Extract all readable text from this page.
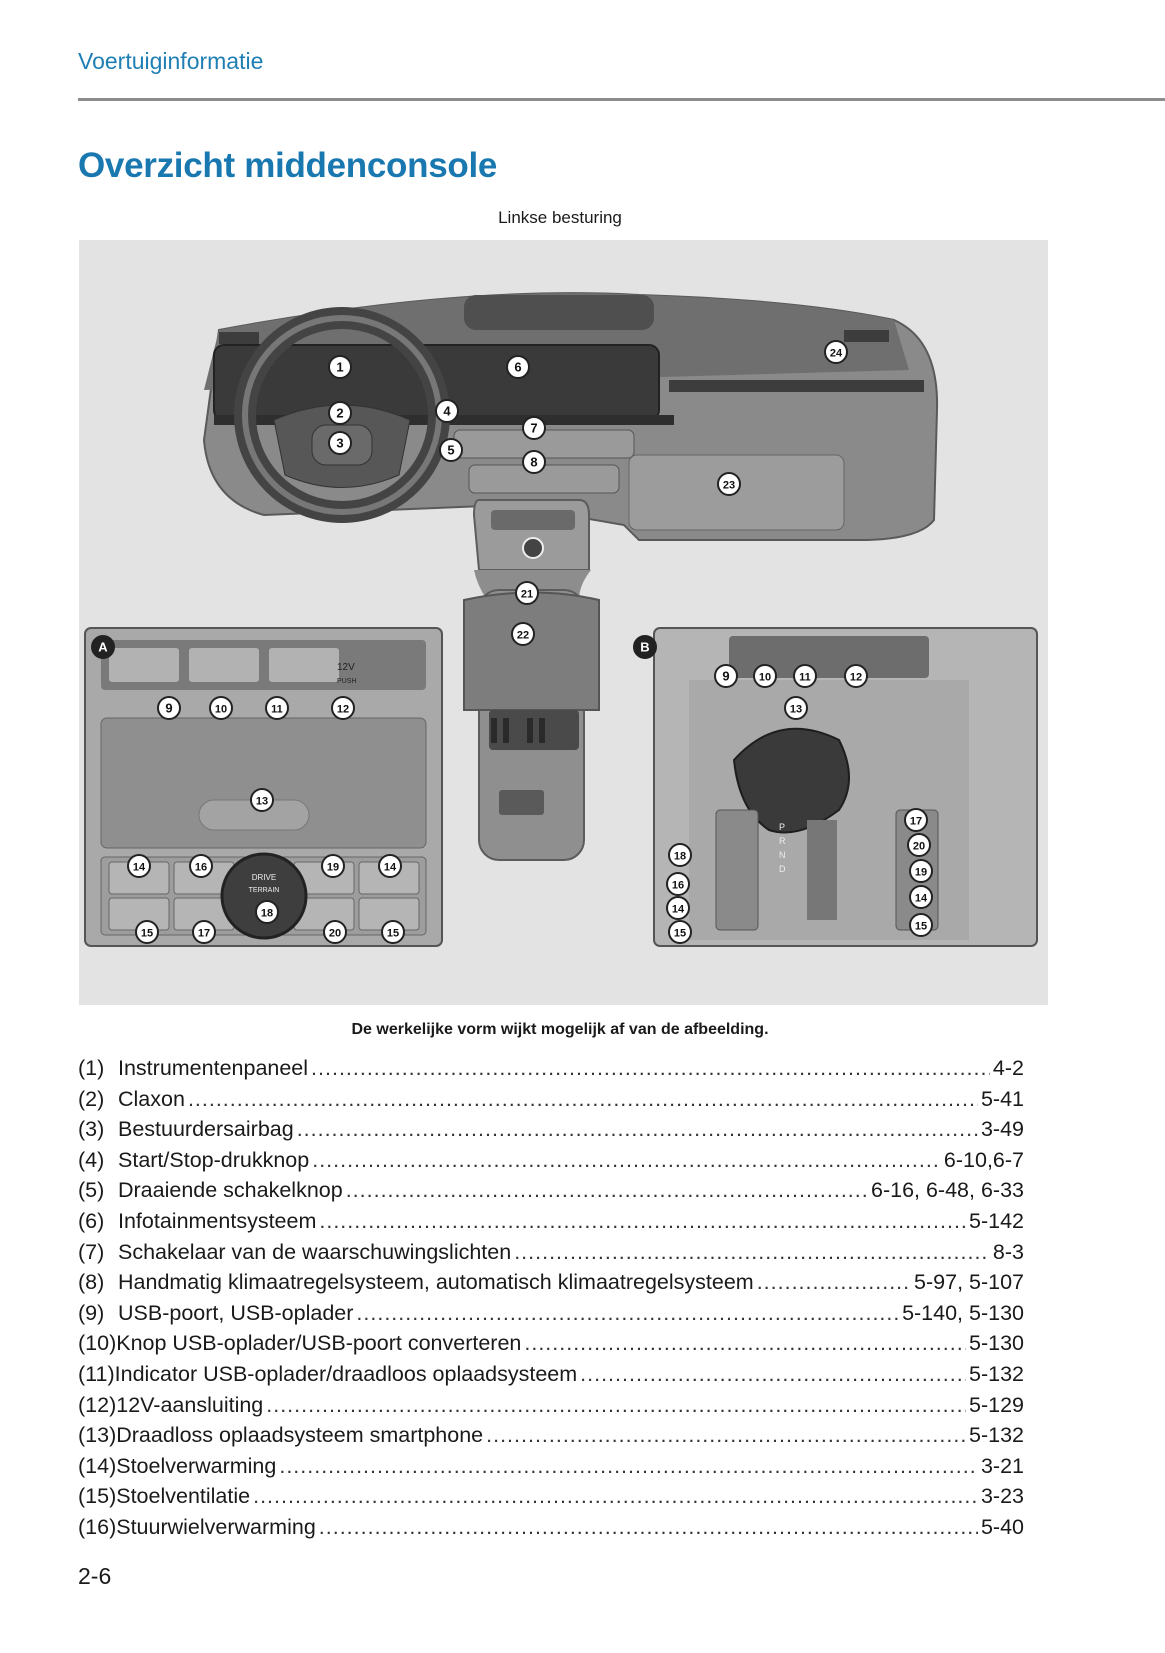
Voertuiginformatie
Overzicht middenconsole
Linkse besturing
12V
PUSH
DRIVE
TERRAIN
P
R
N
D
1
2
3
4
5
6
7
8
21
22
23
24
9	10	11	12
13
14	16	19	14
15	17	20	15
18
9	10	11	12
13
17
20
19
14
15
18
16
14
15
A	B
De werkelijke vorm wijkt mogelijk af van de afbeelding.
(1) Instrumentenpaneel .....	4-2
(2) Claxon .....	5-41
(3) Bestuurdersairbag .....	3-49
(4) Start/Stop-drukknop .....	6-10,6-7
(5) Draaiende schakelknop .....	6-16, 6-48, 6-33
(6) Infotainmentsysteem .....	5-142
(7) Schakelaar van de waarschuwingslichten .....	8-3
(8) Handmatig klimaatregelsysteem, automatisch klimaatregelsysteem .....	5-97, 5-107
(9) USB-poort, USB-oplader .....	5-140, 5-130
(10) Knop USB-oplader/USB-poort converteren .....	5-130
(11) Indicator USB-oplader/draadloos oplaadsysteem .....	5-132
(12) 12V-aansluiting .....	5-129
(13) Draadloss oplaadsysteem smartphone .....	5-132
(14) Stoelverwarming .....	3-21
(15) Stoelventilatie .....	3-23
(16) Stuurwielverwarming .....	5-40
2-6
